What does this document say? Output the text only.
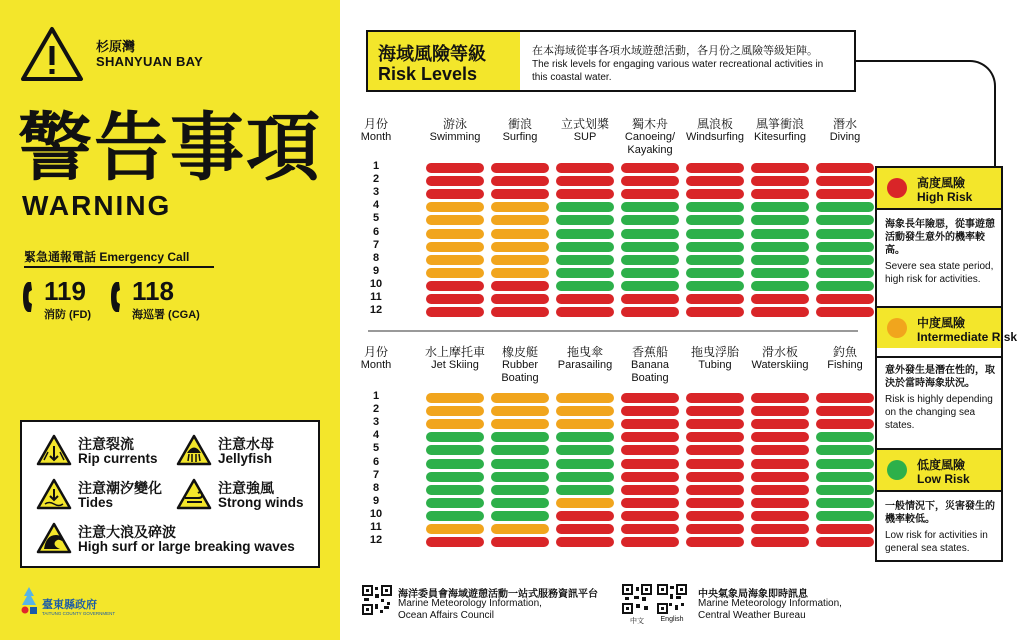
杉原灣
SHANYUAN BAY
警告事項
WARNING
緊急通報電話 Emergency Call
119
消防 (FD)
118
海巡署 (CGA)
注意裂流
Rip currents
注意水母
Jellyfish
注意潮汐變化
Tides
注意強風
Strong winds
注意大浪及碎波
High surf or large breaking waves
臺東縣政府
TAITUNG COUNTY GOVERNMENT
海域風險等級
Risk Levels
在本海域從事各項水域遊憩活動，各月份之風險等級矩陣。
The risk levels for engaging various water recreational activities in this coastal water.
月份
Month
1
2
3
4
5
6
7
8
9
10
11
12
游泳
Swimming
衝浪
Surfing
立式划槳
SUP
獨木舟
Canoeing/ Kayaking
風浪板
Windsurfing
風箏衝浪
Kitesurfing
潛水
Diving
月份
Month
1
2
3
4
5
6
7
8
9
10
11
12
水上摩托車
Jet Skiing
橡皮艇
Rubber Boating
拖曳傘
Parasailing
香蕉船
Banana Boating
拖曳浮胎
Tubing
滑水板
Waterskiing
釣魚
Fishing
高度風險
High Risk
海象長年險惡，從事遊憩活動發生意外的機率較高。
Severe sea state period, high risk for activities.
中度風險
Intermediate Risk
意外發生是潛在性的，取決於當時海象狀況。
Risk is highly depending on the changing sea states.
低度風險
Low Risk
一般情況下，災害發生的機率較低。
Low risk for activities in general sea states.
海洋委員會海域遊憩活動一站式服務資訊平台
Marine Meteorology Information,
Ocean Affairs Council
中文	English
中央氣象局海象即時訊息
Marine Meteorology Information,
Central Weather Bureau
